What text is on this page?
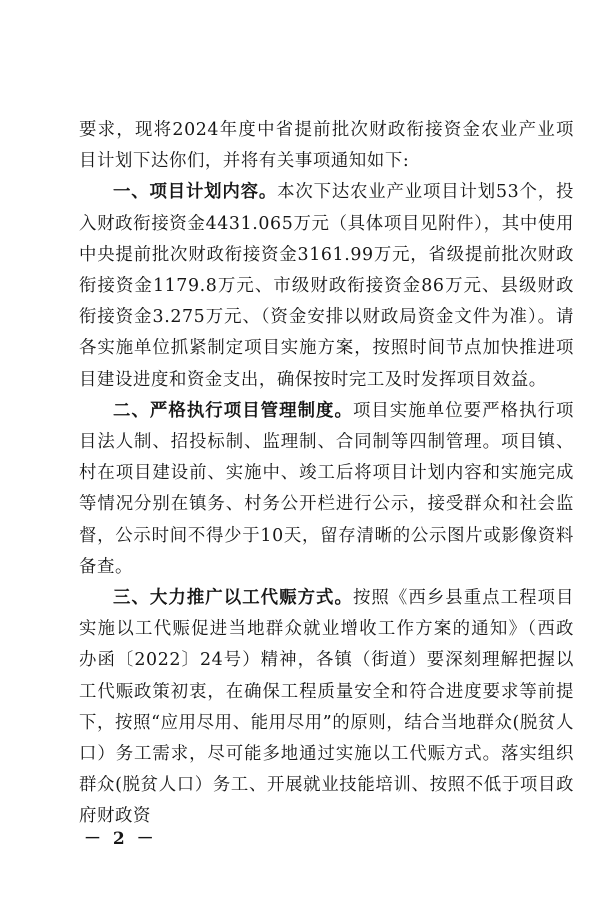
要求，现将2024年度中省提前批次财政衔接资金农业产业项目计划下达你们，并将有关事项通知如下:

一、项目计划内容。本次下达农业产业项目计划53个，投入财政衔接资金4431.065万元（具体项目见附件），其中使用中央提前批次财政衔接资金3161.99万元，省级提前批次财政衔接资金1179.8万元、市级财政衔接资金86万元、县级财政衔接资金3.275万元、（资金安排以财政局资金文件为准）。请各实施单位抓紧制定项目实施方案，按照时间节点加快推进项目建设进度和资金支出，确保按时完工及时发挥项目效益。

二、严格执行项目管理制度。项目实施单位要严格执行项目法人制、招投标制、监理制、合同制等四制管理。项目镇、村在项目建设前、实施中、竣工后将项目计划内容和实施完成等情况分别在镇务、村务公开栏进行公示，接受群众和社会监督，公示时间不得少于10天，留存清晰的公示图片或影像资料备查。

三、大力推广以工代赈方式。按照《西乡县重点工程项目实施以工代赈促进当地群众就业增收工作方案的通知》（西政办函〔2022〕24号）精神，各镇（街道）要深刻理解把握以工代赈政策初衷，在确保工程质量安全和符合进度要求等前提下，按照“应用尽用、能用尽用”的原则，结合当地群众(脱贫人口）务工需求，尽可能多地通过实施以工代赈方式。落实组织群众(脱贫人口）务工、开展就业技能培训、按照不低于项目政府财政资

－ 2 －
